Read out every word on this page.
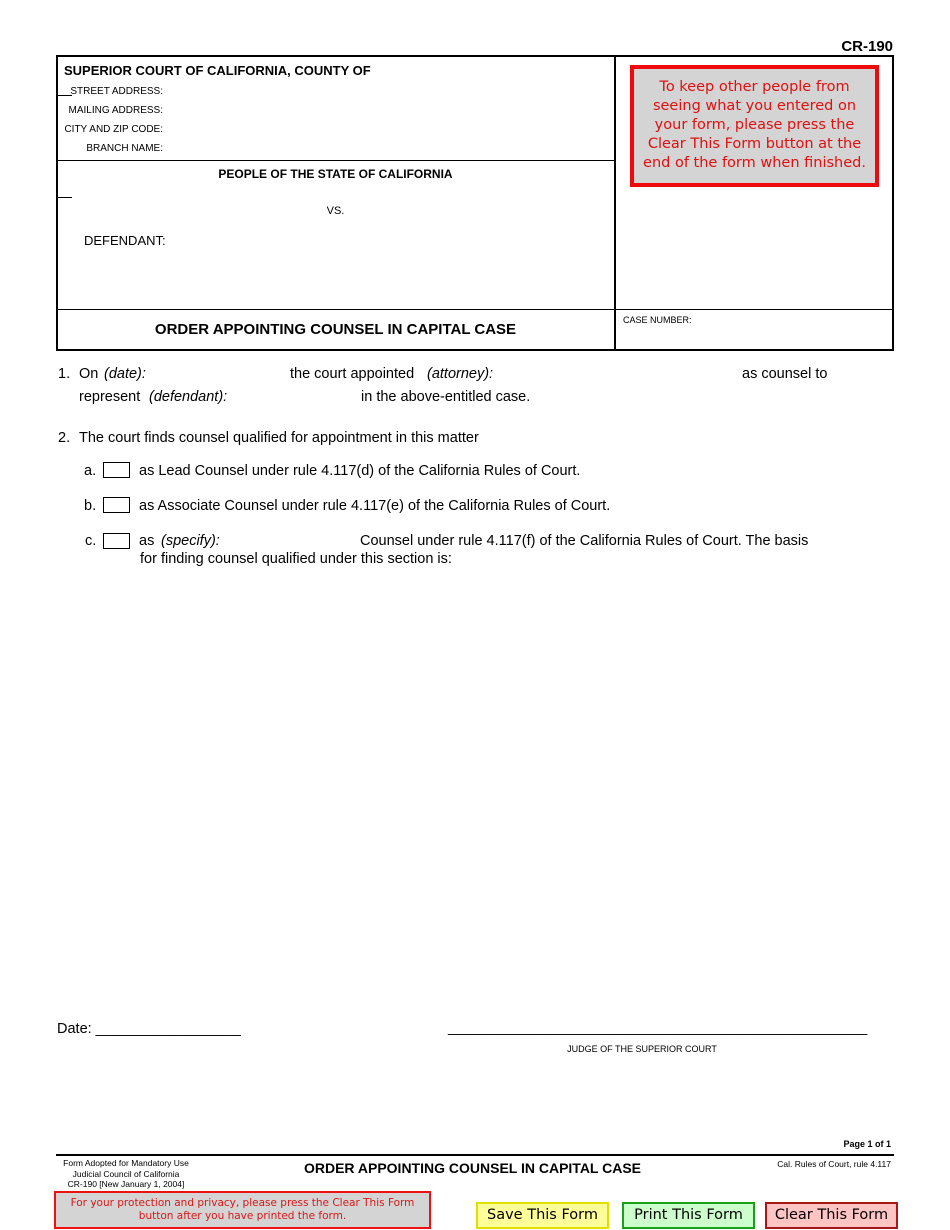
CR-190
SUPERIOR COURT OF CALIFORNIA, COUNTY OF
STREET ADDRESS:
MAILING ADDRESS:
CITY AND ZIP CODE:
BRANCH NAME:
PEOPLE OF THE STATE OF CALIFORNIA
VS.
DEFENDANT:
ORDER APPOINTING COUNSEL IN CAPITAL CASE
CASE NUMBER:
To keep other people from seeing what you entered on your form, please press the Clear This Form button at the end of the form when finished.
1. On (date):	the court appointed (attorney):	as counsel to
represent (defendant):	in the above-entitled case.
2. The court finds counsel qualified for appointment in this matter
a.	as Lead Counsel under rule 4.117(d) of the California Rules of Court.
b.	as Associate Counsel under rule 4.117(e) of the California Rules of Court.
c.	as (specify):	Counsel under rule 4.117(f) of the California Rules of Court. The basis
for finding counsel qualified under this section is:
Date: __________________	____________________________________________________
JUDGE OF THE SUPERIOR COURT
Page 1 of 1
Form Adopted for Mandatory Use
Judicial Council of California
CR-190 [New January 1, 2004]
ORDER APPOINTING COUNSEL IN CAPITAL CASE	Cal. Rules of Court, rule 4.117
For your protection and privacy, please press the Clear This Form
button after you have printed the form.	Save This Form	Print This Form	Clear This Form
